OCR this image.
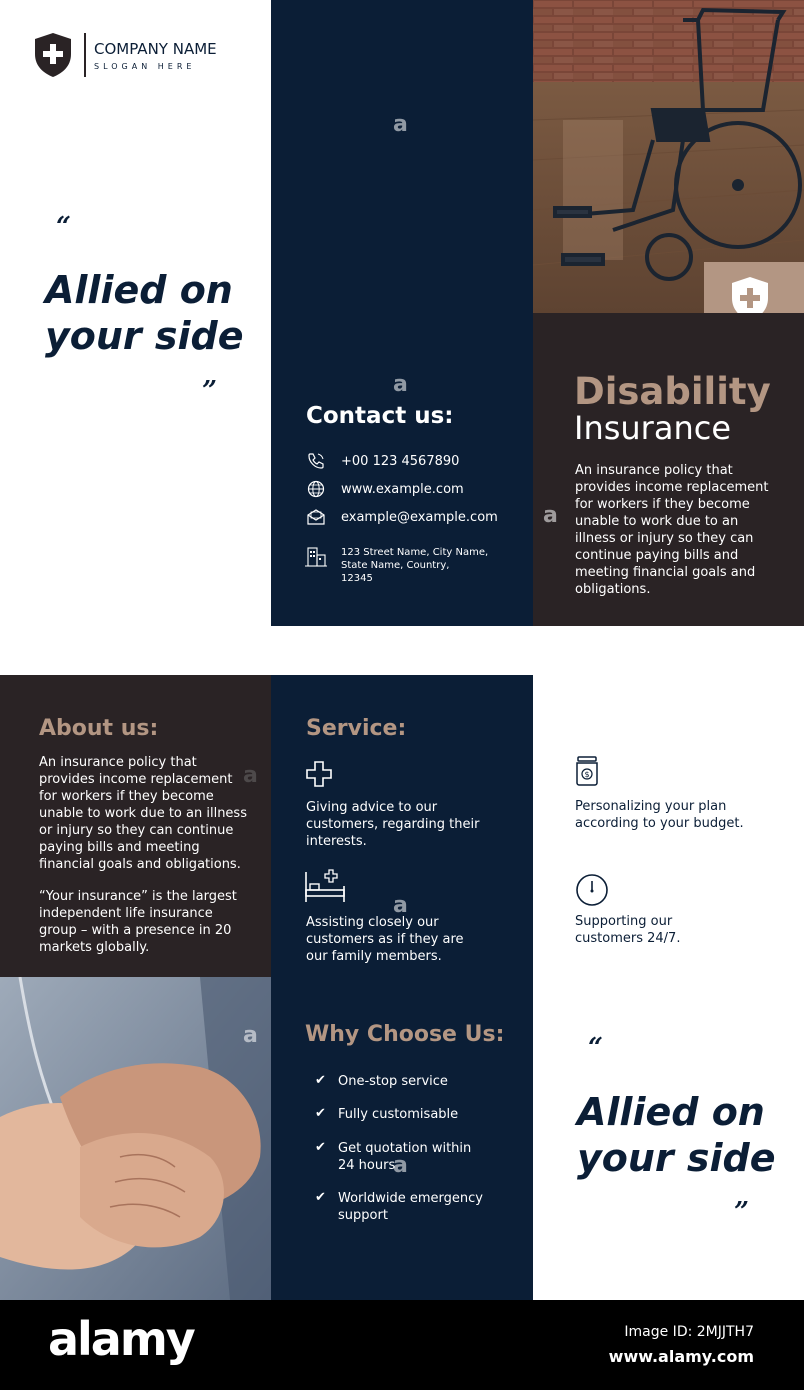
COMPANY NAME
SLOGAN HERE
“
Allied on
your side
”
Contact us:
+00 123 4567890
www.example.com
example@example.com
123 Street Name, City Name,
State Name, Country,
12345
Disability
Insurance
An insurance policy that provides income replacement for workers if they become unable to work due to an illness or injury so they can continue paying bills and meeting financial goals and obligations.
About us:
An insurance policy that provides income replacement for workers if they become unable to work due to an illness or injury so they can continue paying bills and meeting financial goals and obligations.
“Your insurance” is the largest independent life insurance group – with a presence in 20 markets globally.
Service:
Giving advice to our customers, regarding their interests.
Assisting closely our customers as if they are our family members.
Why Choose Us:
✔ One-stop service
✔ Fully customisable
✔ Get quotation within 24 hours
✔ Worldwide emergency support
$
Personalizing your plan according to your budget.
Supporting our customers 24/7.
“
Allied on
your side
”
a
a
a
a
a
a
a
alamy	Image ID: 2MJJTH7
www.alamy.com
